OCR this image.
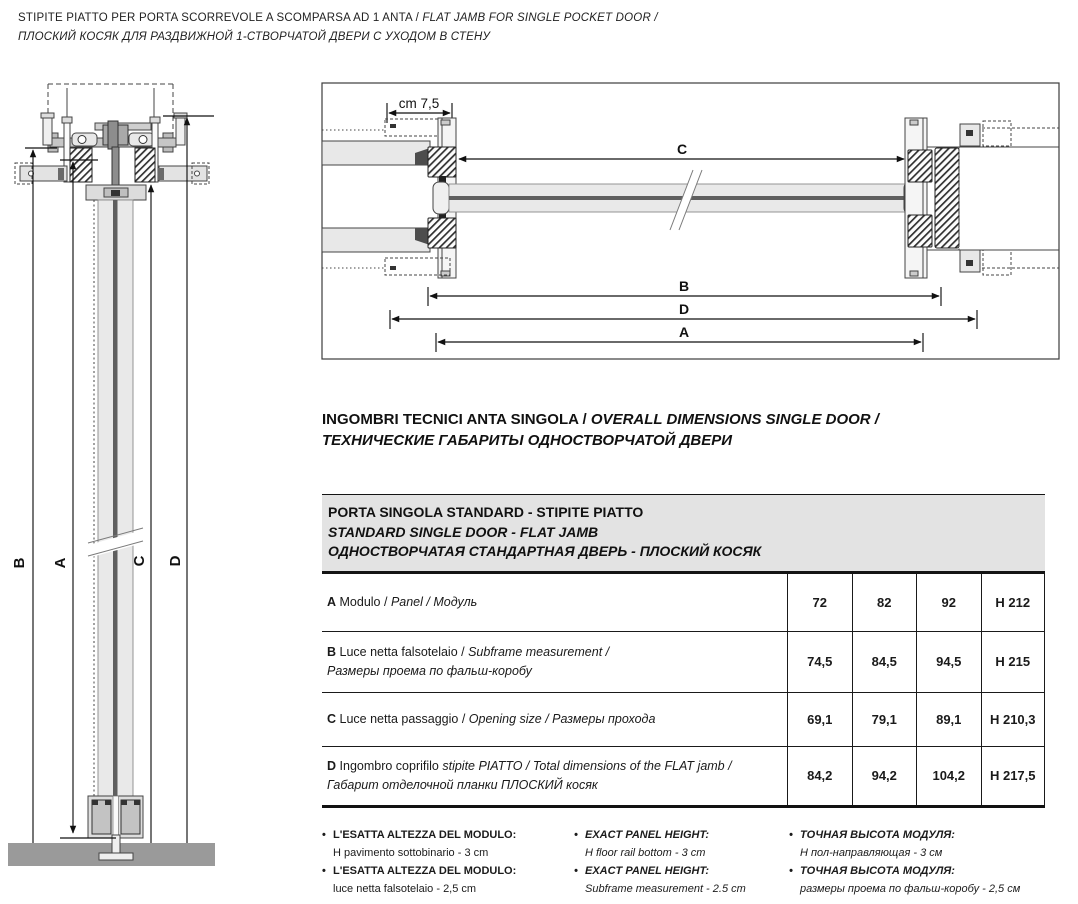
STIPITE PIATTO PER PORTA SCORREVOLE A SCOMPARSA AD 1 ANTA / FLAT JAMB FOR SINGLE POCKET DOOR /
ПЛОСКИЙ КОСЯК ДЛЯ РАЗДВИЖНОЙ 1-СТВОРЧАТОЙ ДВЕРИ С УХОДОМ В СТЕНУ
B A	C D
cm 7,5
C
B
D
A
INGOMBRI TECNICI ANTA SINGOLA / OVERALL DIMENSIONS SINGLE DOOR /
ТЕХНИЧЕСКИЕ ГАБАРИТЫ ОДНОСТВОРЧАТОЙ ДВЕРИ
PORTA SINGOLA STANDARD - STIPITE PIATTO
STANDARD SINGLE DOOR - FLAT JAMB
ОДНОСТВОРЧАТАЯ СТАНДАРТНАЯ ДВЕРЬ - ПЛОСКИЙ КОСЯК
A Modulo / Panel / Модуль	72	82	92	H 212
B Luce netta falsotelaio / Subframe measurement /
Размеры проема по фальш-коробу
74,5	84,5	94,5	H 215
C Luce netta passaggio / Opening size / Размеры прохода	69,1	79,1	89,1	H 210,3
D Ingombro coprifilo stipite PIATTO / Total dimensions of the FLAT jamb /
Габарит отделочной планки ПЛОСКИЙ косяк
84,2	94,2	104,2	H 217,5
• L'ESATTA ALTEZZA DEL MODULO:
H pavimento sottobinario - 3 cm
• L'ESATTA ALTEZZA DEL MODULO:
luce netta falsotelaio - 2,5 cm
• EXACT PANEL HEIGHT:
H floor rail bottom - 3 cm
• EXACT PANEL HEIGHT:
Subframe measurement - 2.5 cm
• ТОЧНАЯ ВЫСОТА МОДУЛЯ:
Н пол-направляющая - 3 см
• ТОЧНАЯ ВЫСОТА МОДУЛЯ:
размеры проема по фальш-коробу - 2,5 см
